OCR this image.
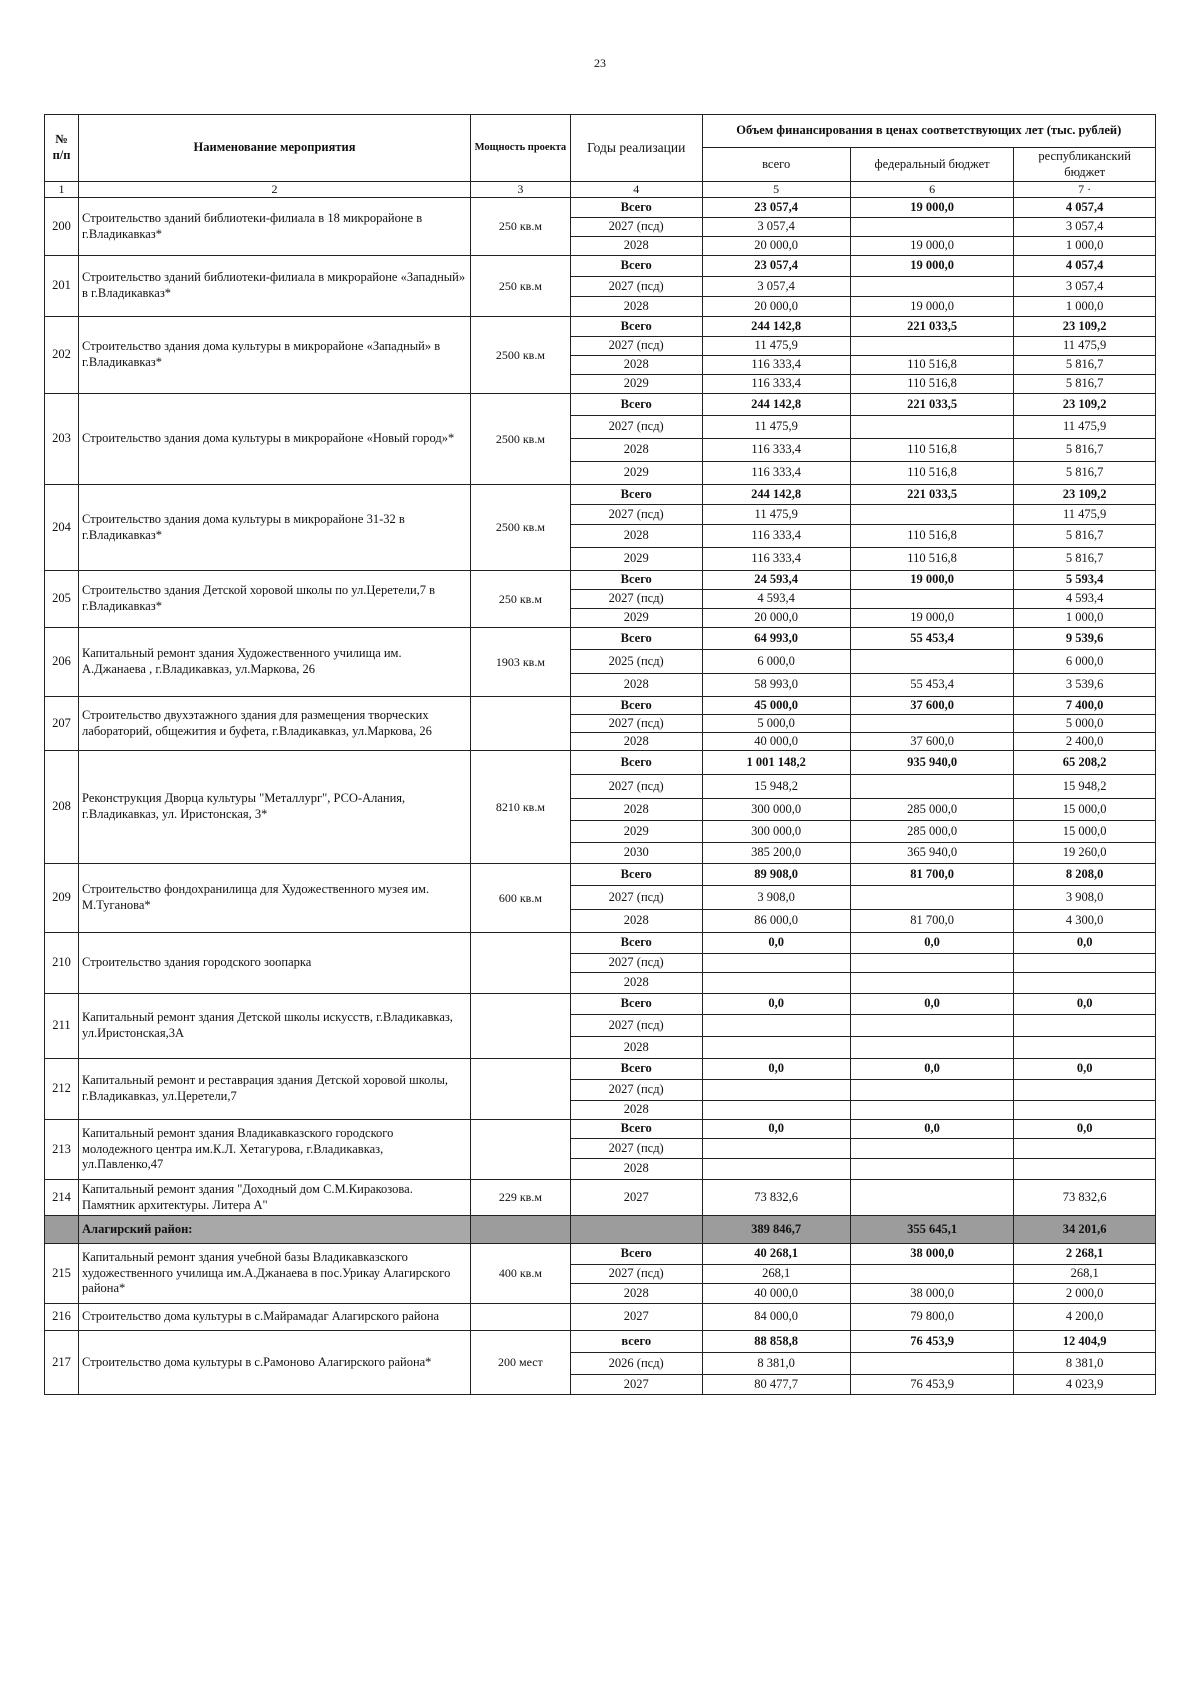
23
№
п/п	Наименование мероприятия	Мощность проекта	Годы реализации	Объем финансирования в ценах соответствующих лет (тыс. рублей)		
				всего	федеральный бюджет	республиканский бюджет
1	2	3	4	5	6	7 ·
200	Строительство зданий библиотеки-филиала в 18 микрорайоне в г.Владикавказ*	250 кв.м	Всего	23 057,4	19 000,0	4 057,4
			2027 (псд)	3 057,4		3 057,4
			2028	20 000,0	19 000,0	1 000,0
201	Строительство зданий библиотеки-филиала в микрорайоне «Западный» в г.Владикавказ*	250 кв.м	Всего	23 057,4	19 000,0	4 057,4
			2027 (псд)	3 057,4		3 057,4
			2028	20 000,0	19 000,0	1 000,0
202	Строительство здания дома культуры в микрорайоне «Западный» в г.Владикавказ*	2500 кв.м	Всего	244 142,8	221 033,5	23 109,2
			2027 (псд)	11 475,9		11 475,9
			2028	116 333,4	110 516,8	5 816,7
			2029	116 333,4	110 516,8	5 816,7
203	Строительство здания дома культуры в микрорайоне «Новый город»*	2500 кв.м	Всего	244 142,8	221 033,5	23 109,2
			2027 (псд)	11 475,9		11 475,9
			2028	116 333,4	110 516,8	5 816,7
			2029	116 333,4	110 516,8	5 816,7
204	Строительство здания дома культуры в микрорайоне 31-32 в г.Владикавказ*	2500 кв.м	Всего	244 142,8	221 033,5	23 109,2
			2027 (псд)	11 475,9		11 475,9
			2028	116 333,4	110 516,8	5 816,7
			2029	116 333,4	110 516,8	5 816,7
205	Строительство здания Детской хоровой школы по ул.Церетели,7 в г.Владикавказ*	250 кв.м	Всего	24 593,4	19 000,0	5 593,4
			2027 (псд)	4 593,4		4 593,4
			2029	20 000,0	19 000,0	1 000,0
206	Капитальный ремонт здания Художественного училища им. А.Джанаева , г.Владикавказ, ул.Маркова, 26	1903 кв.м	Всего	64 993,0	55 453,4	9 539,6
			2025 (псд)	6 000,0		6 000,0
			2028	58 993,0	55 453,4	3 539,6
207	Строительство двухэтажного здания для размещения творческих лабораторий, общежития и буфета, г.Владикавказ, ул.Маркова, 26		Всего	45 000,0	37 600,0	7 400,0
			2027 (псд)	5 000,0		5 000,0
			2028	40 000,0	37 600,0	2 400,0
208	Реконструкция Дворца культуры "Металлург", РСО-Алания, г.Владикавказ, ул. Иристонская, 3*	8210 кв.м	Всего	1 001 148,2	935 940,0	65 208,2
			2027 (псд)	15 948,2		15 948,2
			2028	300 000,0	285 000,0	15 000,0
			2029	300 000,0	285 000,0	15 000,0
			2030	385 200,0	365 940,0	19 260,0
209	Строительство фондохранилища для Художественного музея им. М.Туганова*	600 кв.м	Всего	89 908,0	81 700,0	8 208,0
			2027 (псд)	3 908,0		3 908,0
			2028	86 000,0	81 700,0	4 300,0
210	Строительство здания городского зоопарка		Всего	0,0	0,0	0,0
			2027 (псд)			
			2028			
211	Капитальный ремонт здания Детской школы искусств, г.Владикавказ, ул.Иристонская,3А		Всего	0,0	0,0	0,0
			2027 (псд)			
			2028			
212	Капитальный ремонт и реставрация здания Детской хоровой школы, г.Владикавказ, ул.Церетели,7		Всего	0,0	0,0	0,0
			2027 (псд)			
			2028			
213	Капитальный ремонт здания Владикавказского городского молодежного центра им.К.Л. Хетагурова, г.Владикавказ, ул.Павленко,47		Всего	0,0	0,0	0,0
			2027 (псд)			
			2028			
214	Капитальный ремонт здания "Доходный дом С.М.Киракозова. Памятник архитектуры. Литера А"	229 кв.м	2027	73 832,6		73 832,6
	Алагирский район:			389 846,7	355 645,1	34 201,6
215	Капитальный ремонт здания учебной базы Владикавказского художественного училища им.А.Джанаева в пос.Урикау Алагирского района*	400 кв.м	Всего	40 268,1	38 000,0	2 268,1
			2027 (псд)	268,1		268,1
			2028	40 000,0	38 000,0	2 000,0
216	Строительство дома культуры в с.Майрамадаг Алагирского района		2027	84 000,0	79 800,0	4 200,0
217	Строительство дома культуры в с.Рамоново Алагирского района*	200 мест	всего	88 858,8	76 453,9	12 404,9
			2026 (псд)	8 381,0		8 381,0
			2027	80 477,7	76 453,9	4 023,9
